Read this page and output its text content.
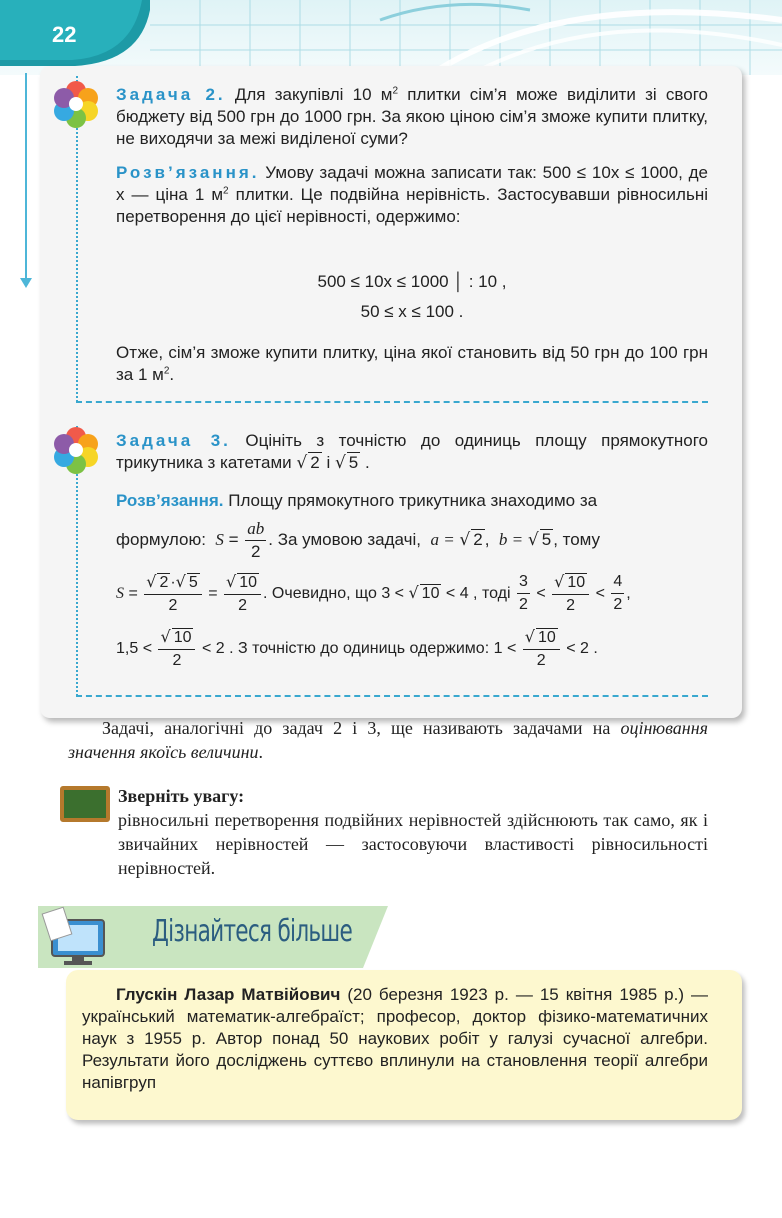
22

Задача 2. Для закупівлі 10 $м^2$ плитки сім’я може виділити зі свого бюджету від 500 грн до 1000 грн. За якою ціною сім’я зможе купити плитку, не виходячи за межі виділеної суми?

Розв’язання. Умову задачі можна записати так: 500 ≤ 10x ≤ 1000, де x — ціна 1 $м^2$ плитки. Це подвійна нерівність. Застосувавши рівносильні перетворення до цієї нерівності, одержимо:

500 ≤ 10x ≤ 1000 │ : 10 ,
50 ≤ x ≤ 100 .

Отже, сім’я зможе купити плитку, ціна якої становить від 50 грн до 100 грн за 1 $м^2$.

Задача 3. Оцініть з точністю до одиниць площу прямокутного трикутника з катетами √ 2 і √ 5 .

Розв’язання. Площу прямокутного трикутника знаходимо за

формулою: $S = \frac{ab}{2}$ . За умовою задачі, a = √ 2 ,  b = √ 5 , тому
$S = \frac{√ 2 \cdot√ 5}{2} = \frac{√ 10}{2}$ . Очевидно, що 3 < √ 10 < 4 , тоді $\frac{3}{2} < \frac{√ 10}{2} < \frac{4}{2}$ ,
$1,5 < \frac{√ 10}{2} < 2$ . З точністю до одиниць одержимо: $1 < \frac{√ 10}{2} < 2$ .

Задачі, аналогічні до задач 2 і 3, ще називають задачами на оцінювання значення якоїсь величини.

Зверніть увагу:
рівносильні перетворення подвійних нерівностей здійснюють так само, як і звичайних нерівностей — застосовуючи властивості рівносильності нерівностей.

Дізнайтеся більше

Глускін Лазар Матвійович (20 березня 1923 р. — 15 квітня 1985 р.) — український математик-алгебраїст; професор, доктор фізико-математичних наук з 1955 р. Автор понад 50 наукових робіт у галузі сучасної алгебри. Результати його досліджень суттєво вплинули на становлення теорії алгебри напівгруп
